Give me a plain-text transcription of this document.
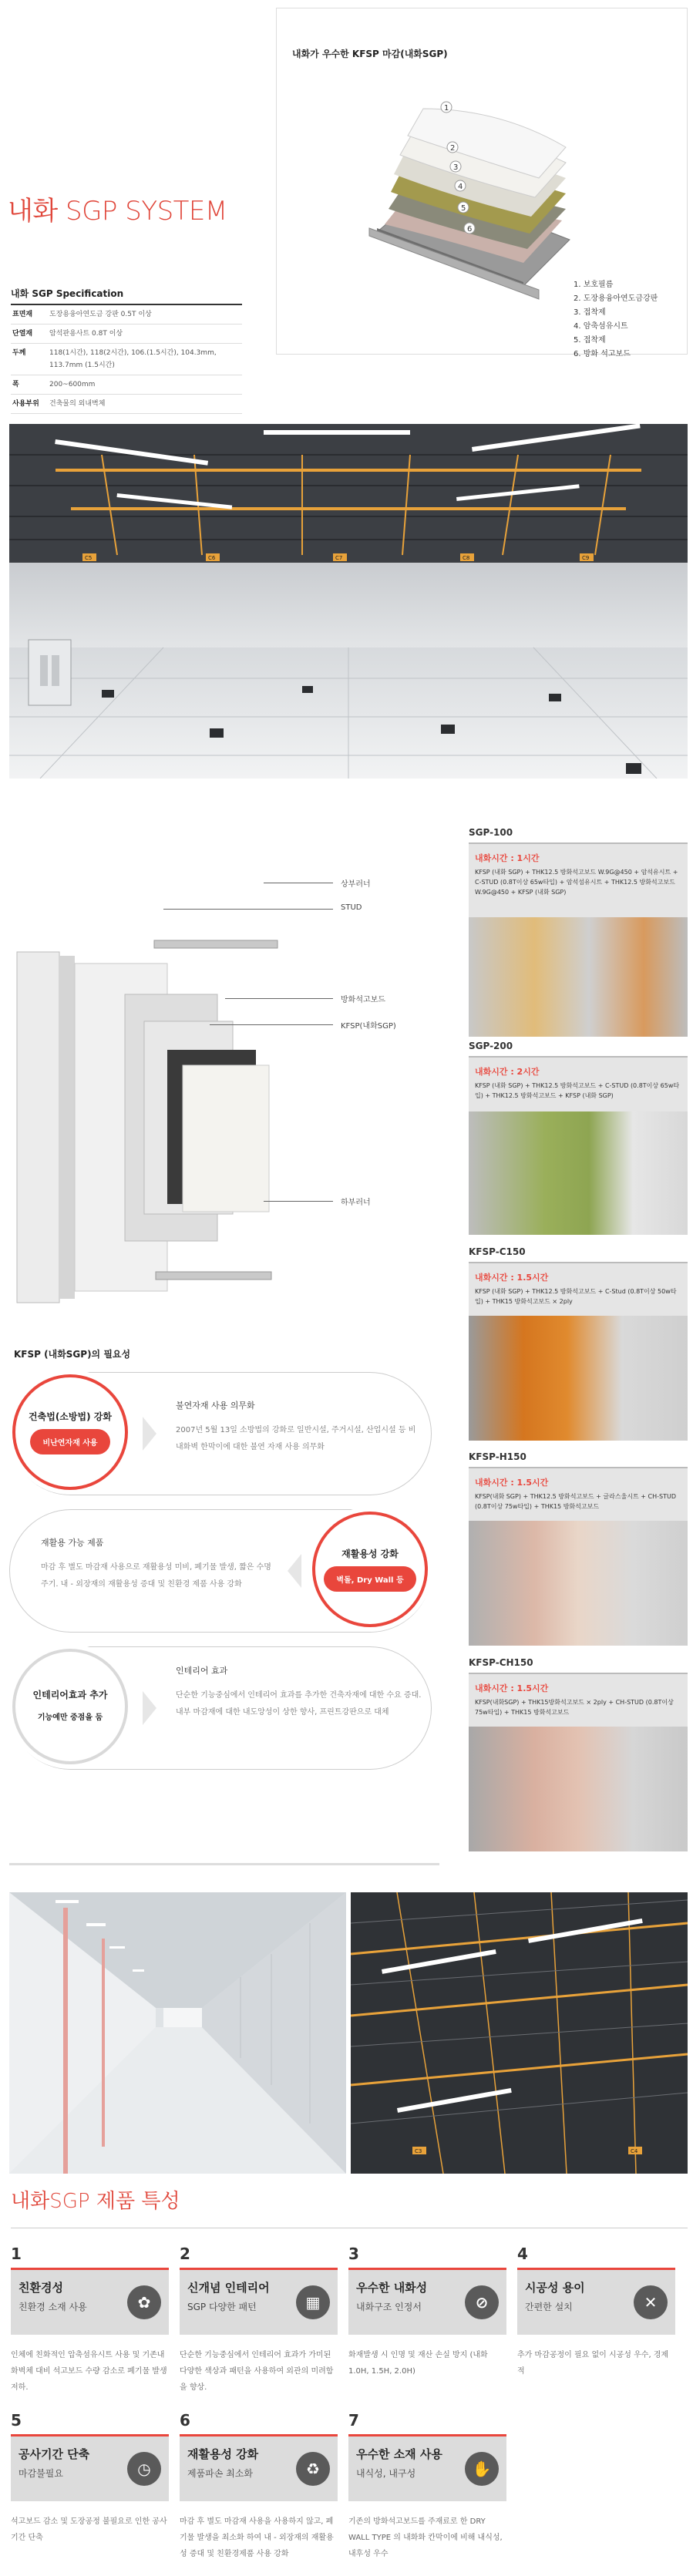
내화 SGP SYSTEM
내화 SGP Specification
표면재	도장용융아연도금 강판 0.5T 이상
단열재	암석판용사트 0.8T 이상
두께	118(1시간), 118(2시간), 106.(1.5시간), 104.3mm, 113.7mm (1.5시간)
폭	200~600mm
사용부위	건축물의 외내벽체
내화가 우수한 KFSP 마감(내화SGP)
1
2
3
4
5
6
1. 보호필름
2. 도장용융아연도금강판
3. 접착제
4. 암축섬유시트
5. 접착제
6. 방화 석고보드
C5	C6	C7	C8	C9
상부러너
STUD
방화석고보드
KFSP(내화SGP)
하부러너
KFSP (내화SGP)의 필요성
건축법(소방법) 강화
비난연자재 사용
불연자재 사용 의무화

2007년 5월 13일 소방법의 강화로 일반시설, 주거시설, 산업시설 등 비내화벽 한막이에 대한 불연 자재 사용 의무화

재활용 가능 제품

마감 후 별도 마감재 사용으로 재활용성 미비, 폐기물 발생, 짧은 수명주기. 내 - 외장재의 재활용성 증대 및 친환경 제품 사용 강화

재활용성 강화
벽돌, Dry Wall 등
인테리어효과 추가
기능예만 중점을 둠
인테리어 효과

단순한 기능중심에서 인테리어 효과를 추가한 건축자재에 대한 수요 증대. 내부 마감재에 대한 내도앙성이 상한 향사, 프린트강판으로 대체

SGP-100
내화시간 : 1시간
KFSP (내화 SGP) + THK12.5 방화석고보드 W.9G@450 + 암석유시트 + C-STUD (0.8T이상 65w타입) + 암석섬유시트 + THK12.5 방화석고보드 W.9G@450 + KFSP (내화 SGP)
SGP-200
내화시간 : 2시간
KFSP (내화 SGP) + THK12.5 방화석고보드 + C-STUD (0.8T이상 65w타입) + THK12.5 방화석고보드 + KFSP (내화 SGP)
KFSP-C150
내화시간 : 1.5시간
KFSP (내화 SGP) + THK12.5 방화석고보드 + C-Stud (0.8T이상 50w타입) + THK15 방화석고보드 × 2ply
KFSP-H150
내화시간 : 1.5시간
KFSP(내화 SGP) + THK12.5 방화석고보드 + 글라스울시트 + CH-STUD (0.8T이상 75w타입) + THK15 방화석고보드
KFSP-CH150
내화시간 : 1.5시간
KFSP(내화SGP) + THK15방화석고보드 × 2ply + CH-STUD (0.8T이상 75w타입) + THK15 방화석고보드
C3	C4
내화SGP 제품 특성
1
친환경성
친환경 소재 사용	✿

인체에 친화적인 압축섬유시트 사용 및 기존내화벽체 대비 석고보드 수량 감소로 폐기물 발생 저하.

2
신개념 인테리어
SGP 다양한 패턴	▦

단순한 기능중심에서 인테리어 효과가 가미된 다양한 색상과 패턴을 사용하여 외관의 미려함을 향상.

3
우수한 내화성
내화구조 인정서	⊘

화재발생 시 인명 및 재산 손실 방지 (내화 1.0H, 1.5H, 2.0H)

4
시공성 용이
간편한 설치	✕

추가 마감공정이 필요 없이 시공성 우수, 경제적

5
공사기간 단축
마감불필요	◷

석고보드 감소 및 도장공정 불필요로 인한 공사기간 단축

6
재활용성 강화
제품파손 최소화	♻

마감 후 별도 마감재 사용을 사용하지 않고, 폐기물 발생을 최소화 하여 내 - 외장재의 재활용성 증대 및 친환경제품 사용 강화

7
우수한 소재 사용
내식성, 내구성	✋

기존의 방화석고보드를 주재료로 한 DRY WALL TYPE 의 내화화 칸막이에 비해 내식성, 내후성 우수
